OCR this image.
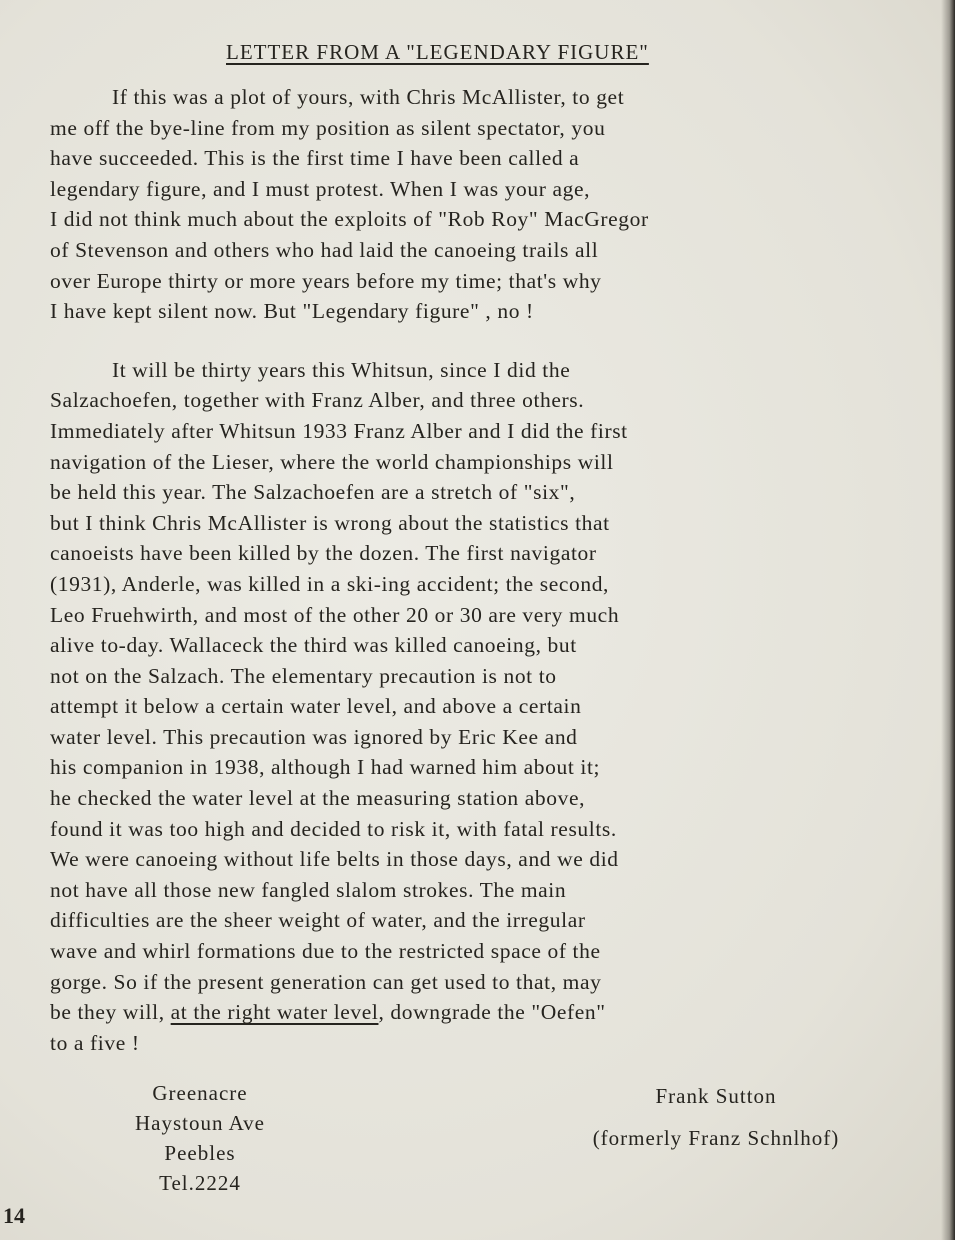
LETTER FROM A "LEGENDARY FIGURE"

If this was a plot of yours, with Chris McAllister, to get

me off the bye-line from my position as silent spectator, you

have succeeded. This is the first time I have been called a

legendary figure, and I must protest. When I was your age,

I did not think much about the exploits of "Rob Roy" MacGregor

of Stevenson and others who had laid the canoeing trails all

over Europe thirty or more years before my time; that's why

I have kept silent now. But "Legendary figure" , no !

It will be thirty years this Whitsun, since I did the

Salzachoefen, together with Franz Alber, and three others.

Immediately after Whitsun 1933 Franz Alber and I did the first

navigation of the Lieser, where the world championships will

be held this year. The Salzachoefen are a stretch of "six",

but I think Chris McAllister is wrong about the statistics that

canoeists have been killed by the dozen. The first navigator

(1931), Anderle, was killed in a ski-ing accident; the second,

Leo Fruehwirth, and most of the other 20 or 30 are very much

alive to-day. Wallaceck the third was killed canoeing, but

not on the Salzach. The elementary precaution is not to

attempt it below a certain water level, and above a certain

water level. This precaution was ignored by Eric Kee and

his companion in 1938, although I had warned him about it;

he checked the water level at the measuring station above,

found it was too high and decided to risk it, with fatal results.

We were canoeing without life belts in those days, and we did

not have all those new fangled slalom strokes. The main

difficulties are the sheer weight of water, and the irregular

wave and whirl formations due to the restricted space of the

gorge. So if the present generation can get used to that, may

be they will, at the right water level, downgrade the "Oefen"

to a five !

Greenacre
Haystoun Ave
Peebles
Tel.2224
Frank Sutton
(formerly Franz Schnlhof)
14
